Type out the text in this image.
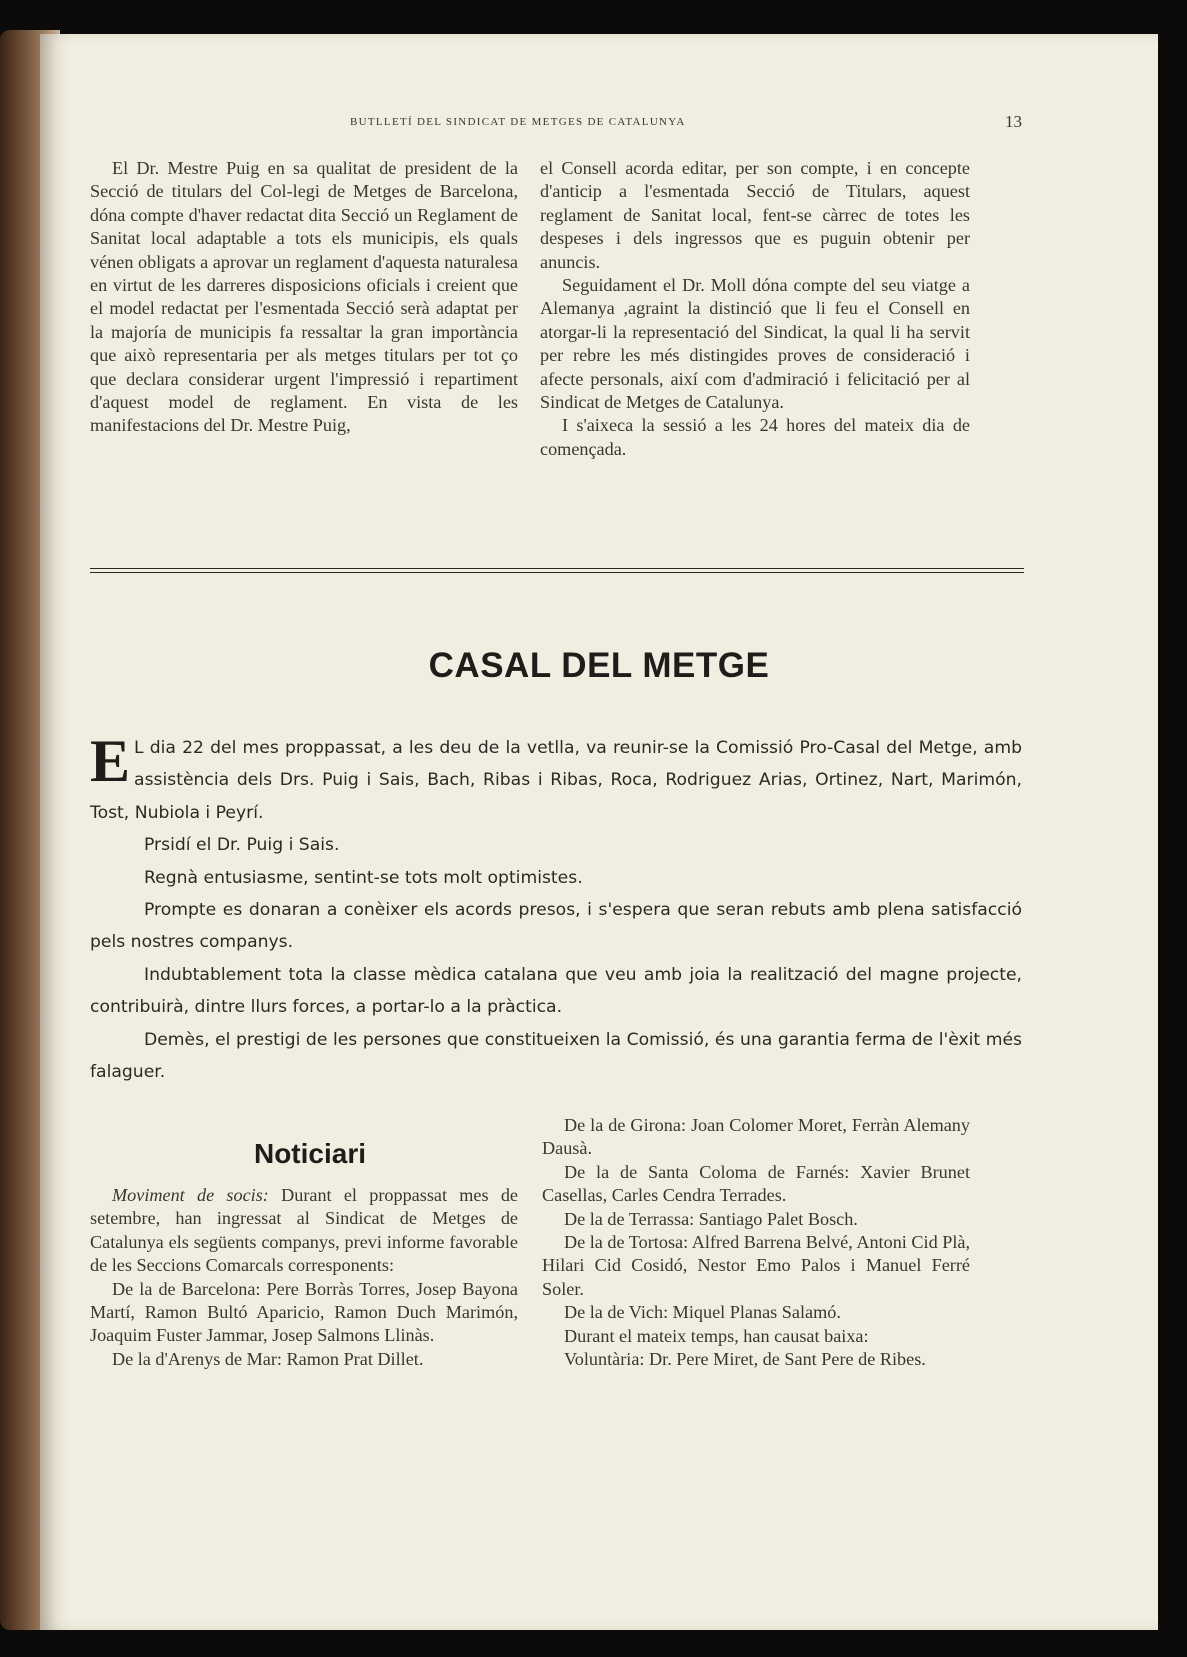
BUTLLETÍ DEL SINDICAT DE METGES DE CATALUNYA	13

El Dr. Mestre Puig en sa qualitat de president de la Secció de titulars del Col-legi de Metges de Barcelona, dóna compte d'haver redactat dita Secció un Reglament de Sanitat local adaptable a tots els municipis, els quals vénen obligats a aprovar un reglament d'aquesta naturalesa en virtut de les darreres disposicions oficials i creient que el model redactat per l'esmentada Secció serà adaptat per la majoría de municipis fa ressaltar la gran importància que això representaria per als metges titulars per tot ço que declara considerar urgent l'impressió i repartiment d'aquest model de reglament. En vista de les manifestacions del Dr. Mestre Puig,

el Consell acorda editar, per son compte, i en concepte d'anticip a l'esmentada Secció de Titulars, aquest reglament de Sanitat local, fent-se càrrec de totes les despeses i dels ingressos que es puguin obtenir per anuncis.

Seguidament el Dr. Moll dóna compte del seu viatge a Alemanya ,agraint la distinció que li feu el Consell en atorgar-li la representació del Sindicat, la qual li ha servit per rebre les més distingides proves de consideració i afecte personals, així com d'admiració i felicitació per al Sindicat de Metges de Catalunya.

I s'aixeca la sessió a les 24 hores del mateix dia de començada.

CASAL DEL METGE

E L dia 22 del mes proppassat, a les deu de la vetlla, va reunir-se la Comissió Pro-Casal del Metge, amb assistència dels Drs. Puig i Sais, Bach, Ribas i Ribas, Roca, Rodriguez Arias, Ortinez, Nart, Marimón, Tost, Nubiola i Peyrí.

Prsidí el Dr. Puig i Sais.

Regnà entusiasme, sentint-se tots molt optimistes.

Prompte es donaran a conèixer els acords presos, i s'espera que seran rebuts amb plena satisfacció pels nostres companys.

Indubtablement tota la classe mèdica catalana que veu amb joia la realització del magne projecte, contribuirà, dintre llurs forces, a portar-lo a la pràctica.

Demès, el prestigi de les persones que constitueixen la Comissió, és una garantia ferma de l'èxit més falaguer.

Noticiari

Moviment de socis: Durant el proppassat mes de setembre, han ingressat al Sindicat de Metges de Catalunya els següents companys, previ informe favorable de les Seccions Comarcals corresponents:

De la de Barcelona: Pere Borràs Torres, Josep Bayona Martí, Ramon Bultó Aparicio, Ramon Duch Marimón, Joaquim Fuster Jammar, Josep Salmons Llinàs.

De la d'Arenys de Mar: Ramon Prat Dillet.

De la de Girona: Joan Colomer Moret, Ferràn Alemany Dausà.

De la de Santa Coloma de Farnés: Xavier Brunet Casellas, Carles Cendra Terrades.

De la de Terrassa: Santiago Palet Bosch.

De la de Tortosa: Alfred Barrena Belvé, Antoni Cid Plà, Hilari Cid Cosidó, Nestor Emo Palos i Manuel Ferré Soler.

De la de Vich: Miquel Planas Salamó.

Durant el mateix temps, han causat baixa:

Voluntària: Dr. Pere Miret, de Sant Pere de Ribes.
